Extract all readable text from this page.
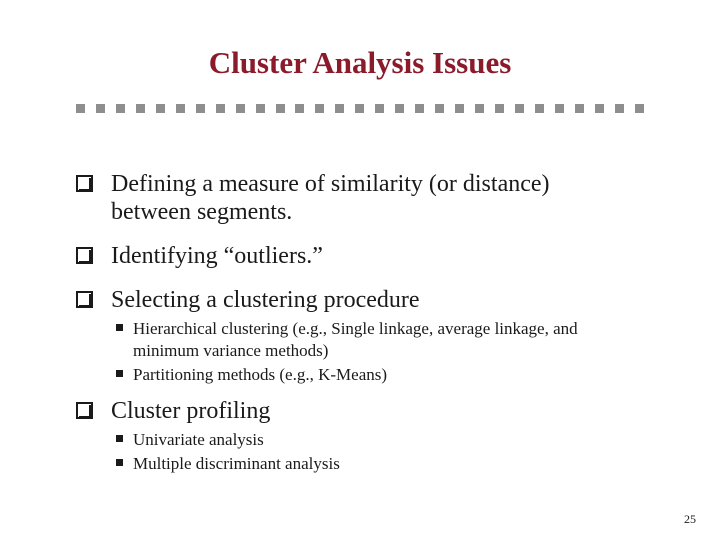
Cluster Analysis Issues
Defining a measure of similarity (or distance)
between segments.
Identifying “outliers.”
Selecting a clustering procedure
Hierarchical clustering (e.g., Single linkage, average linkage, and
minimum variance methods)
Partitioning methods (e.g., K-Means)
Cluster profiling
Univariate analysis
Multiple discriminant analysis
25
